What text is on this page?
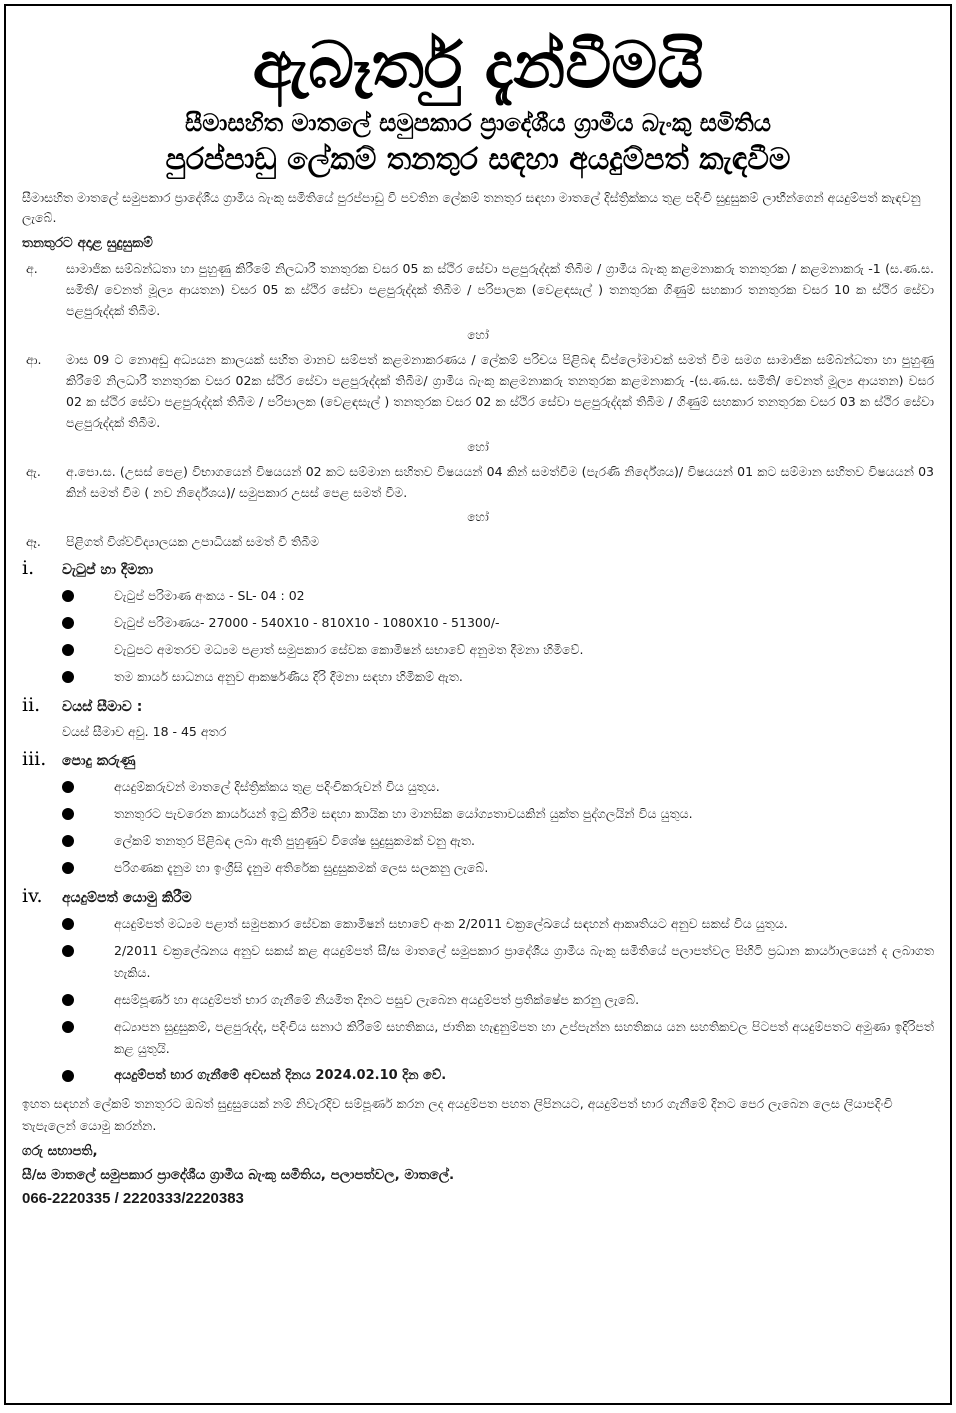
ඇබෑර්තු දැන්වීමයි
සීමාසහිත මාතලේ සමුපකාර ප්‍රාදේශීය ග්‍රාමීය බැංකු සමිතිය
පුරප්පාඩු ලේකම් තනතුර සඳහා අයදුම්පත් කැඳවීම
සීමාසහිත මාතලේ සමුපකාර ප්‍රාදේශීය ග්‍රාමීය බැංකු සමිතියේ පුරප්පාඩු වී පවතින ලේකම් තනතුර සඳහා මාතලේ දිස්ත්‍රික්කය තුළ පදිංචි සුදුසුකම් ලාභීන්ගෙන් අයදුම්පත් කැඳවනු ලැබේ.
තනතුරට අදාළ සුදුසුකම්
අ.	සාමාජික සම්බන්ධතා හා පුහුණු කිරීමේ නිලධාරී තනතුරක වසර 05 ක ස්ථිර සේවා පළපුරුද්දක් තිබීම / ග්‍රාමීය බැංකු කළමනාකරු තනතුරක / කළමනාකරු -1 (ස.ණ.ස. සමිති/ වෙනත් මූල්‍ය ආයතන) වසර 05 ක ස්ථිර සේවා පළපුරුද්දක් තිබීම / පරිපාලක (වෙළඳසැල් ) තනතුරක ගිණුම් සහකාර තනතුරක වසර 10 ක ස්ථිර සේවා පළපුරුද්දක් තිබීම.
හෝ
ආ.	මාස 09 ට නොඅඩු අධ්‍යයන කාලයක් සහිත මානව සම්පත් කළමනාකරණය / ලේකම් පරිචය පිළිබඳ ඩිප්ලෝමාවක් සමත් වීම සමග සාමාජික සම්බන්ධතා හා පුහුණු කිරීමේ නිලධාරී තනතුරක වසර 02ක ස්ථිර සේවා පළපුරුද්දක් තිබීම/ ග්‍රාමීය බැංකු කළමනාකරු තනතුරක කළමනාකරු -(ස.ණ.ස. සමිති/ වෙනත් මූල්‍ය ආයතන) වසර 02 ක ස්ථිර සේවා පළපුරුද්දක් තිබීම / පරිපාලක (වෙළඳසැල් ) තනතුරක වසර 02 ක ස්ථිර සේවා පළපුරුද්දක් තිබීම / ගිණුම් සහකාර තනතුරක වසර 03 ක ස්ථිර සේවා පළපුරුද්දක් තිබීම.
හෝ
ඇ.	අ.පො.ස. (උසස් පෙළ) විභාගයෙන් විෂයයන් 02 කට සම්මාන සහිතව විෂයයන් 04 කින් සමත්වීම (පැරණි නිර්දේශය)/ විෂයයන් 01 කට සම්මාන සහිතව විෂයයන් 03 කින් සමත් වීම ( නව නිර්දේශය)/ සමුපකාර උසස් පෙළ සමත් වීම.
හෝ
ඈ.	පිළිගත් විශ්වවිද්‍යාලයක උපාධියක් සමත් වී තිබීම
i.	වැටුප් හා දීමනා
වැටුප් පරිමාණ අංකය - SL- 04 : 02
වැටුප් පරිමාණය- 27000 - 540X10 - 810X10 - 1080X10 - 51300/-
වැටුපට අමතරව මධ්‍යම පළාත් සමුපකාර සේවක කොමිෂන් සභාවේ අනුමත දීමනා හිමිවේ.
තම කාර්ය සාධනය අනුව ආකර්ෂණීය දිරි දීමනා සඳහා හිමිකම් ඇත.
ii.	වයස් සීමාව :
වයස් සීමාව අවු. 18 - 45 අතර
iii.	පොදු කරුණු
අයදුම්කරුවන් මාතලේ දිස්ත්‍රික්කය තුළ පදිංචිකරුවන් විය යුතුය.
තනතුරට පැවරෙන කාර්යයන් ඉටු කිරීම සඳහා කායික හා මානසික යෝග්‍යතාවයකින් යුක්ත පුද්ගලයින් විය යුතුය.
ලේකම් තනතුර පිළිබඳ ලබා ඇති පුහුණුව විශේෂ සුදුසුකමක් වනු ඇත.
පරිගණක දැනුම හා ඉංග්‍රීසි දැනුම අතිරේක සුදුසුකමක් ලෙස සලකනු ලැබේ.
iv.	අයදුම්පත් යොමු කිරීම
අයදුම්පත් මධ්‍යම පළාත් සමුපකාර සේවක කොමිෂන් සභාවේ අංක 2/2011 චක්‍රලේඛයේ සඳහන් ආකෘතියට අනුව සකස් විය යුතුය.
2/2011 චක්‍රලේඛනය අනුව සකස් කළ අයදුම්පත් සී/ස මාතලේ සමුපකාර ප්‍රාදේශීය ග්‍රාමීය බැංකු සමිතියේ පලාපත්වල පිහිටි ප්‍රධාන කාර්යාලයෙන් ද ලබාගත හැකිය.
අසම්පූර්ණ හා අයදුම්පත් භාර ගැනීමේ නියමිත දිනට පසුව ලැබෙන අයදුම්පත් ප්‍රතික්ෂේප කරනු ලැබේ.
අධ්‍යාපන සුදුසුකම්, පළපුරුද්ද, පදිංචිය සනාථ කිරීමේ සහතිකය, ජාතික හැඳුනුම්පත හා උප්පැන්න සහතිකය යන සහතිකවල පිටපත් අයදුම්පතට අමුණා ඉදිරිපත් කළ යුතුයි.
අයදුම්පත් භාර ගැනීමේ අවසන් දිනය 2024.02.10 දින වේ.
ඉහත සඳහන් ලේකම් තනතුරට ඔබත් සුදුසුයෙක් නම් නිවැරදිව සම්පූර්ණ කරන ලද අයදුම්පත පහත ලිපිනයට, අයදුම්පත් භාර ගැනීමේ දිනට පෙර ලැබෙන ලෙස ලියාපදිංචි තැපැලෙන් යොමු කරන්න.
ගරු සභාපති,
සී/ස මාතලේ සමුපකාර ප්‍රාදේශීය ග්‍රාමීය බැංකු සමිතිය, පලාපත්වල, මාතලේ.
066-2220335 / 2220333/2220383
